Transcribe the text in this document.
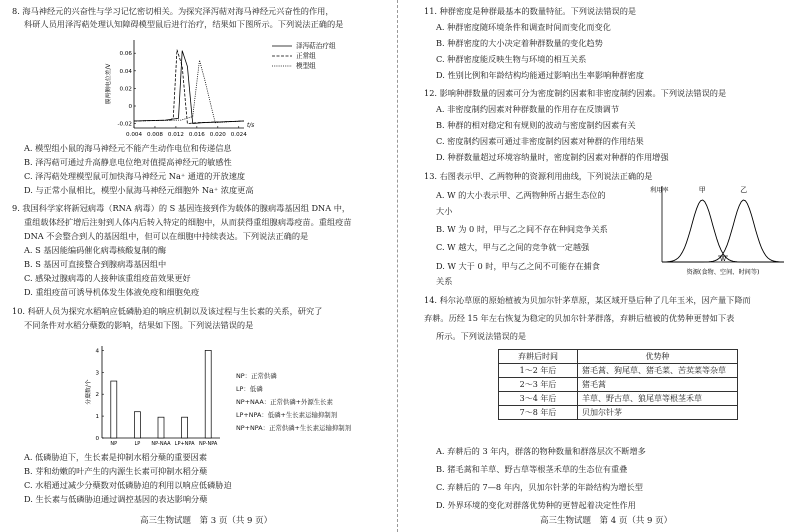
8. 海马神经元的兴奋性与学习记忆密切相关。为探究泽泻萜对海马神经元兴奋性的作用，
科研人员用泽泻萜处理认知障碍模型鼠后进行治疗，结果如下图所示。下列说法正确的是
0.004 0.008 0.012 0.016 0.020 0.024
0.06
0.04
0.02
0
-0.02	t/s
膜两侧电位差/V
泽泻萜治疗组
正常组
模型组
A. 模型组小鼠的海马神经元不能产生动作电位和传递信息
B. 泽泻萜可通过升高静息电位绝对值提高神经元的敏感性
C. 泽泻萜处理模型鼠可加快海马神经元 Na⁺ 通道的开放速度
D. 与正常小鼠相比，模型小鼠海马神经元细胞外 Na⁺ 浓度更高
9. 我国科学家将新冠病毒（RNA 病毒）的 S 基因连接到作为载体的腺病毒基因组 DNA 中，
重组载体经扩增后注射到人体内后转入特定的细胞中，从而获得重组腺病毒疫苗。重组疫苗
DNA 不会整合到人的基因组中，但可以在细胞中持续表达。下列说法正确的是
A. S 基因能编码催化病毒核酸复制的酶
B. S 基因可直接整合到腺病毒基因组中
C. 感染过腺病毒的人接种该重组疫苗效果更好
D. 重组疫苗可诱导机体发生体液免疫和细胞免疫
10. 科研人员为探究水稻响应低磷胁迫的响应机制以及该过程与生长素的关系，研究了
不同条件对水稻分蘖数的影响，结果如下图。下列说法错误的是
4
3
2
1
0
分蘖数/个
NP	LP NP-NAA LP+NPA NP-NPA
NP：正常供磷
LP：低磷
NP+NAA：正常供磷+外源生长素
LP+NPA：低磷+生长素运输抑制剂
NP+NPA：正常供磷+生长素运输抑制剂
A. 低磷胁迫下，生长素是抑制水稻分蘖的重要因素
B. 芽和幼嫩的叶产生的内源生长素可抑制水稻分蘖
C. 水稻通过减少分蘖数对低磷胁迫的利用以响应低磷胁迫
D. 生长素与低磷胁迫通过调控基因的表达影响分蘖
高三生物试题　第 3 页（共 9 页）
11. 种群密度是种群最基本的数量特征。下列说法错误的是
A. 种群密度随环境条件和调查时间而变化而变化
B. 种群密度的大小决定着种群数量的变化趋势
C. 种群密度能反映生物与环境的相互关系
D. 性别比例和年龄结构均能通过影响出生率影响种群密度
12. 影响种群数量的因素可分为密度制约因素和非密度制约因素。下列说法错误的是
A. 非密度制约因素对种群数量的作用存在反馈调节
B. 种群的相对稳定和有规则的波动与密度制约因素有关
C. 密度制约因素可通过非密度制约因素对种群的作用结果
D. 种群数量超过环境容纳量时，密度制约因素对种群的作用增强
13. 右图表示甲、乙两物种的资源利用曲线，下列说法正确的是
A. W 的大小表示甲、乙两物种所占据生态位的
大小
B. W 为 0 时，甲与乙之间不存在种间竞争关系
C. W 越大，甲与乙之间的竞争就一定越强
D. W 大于 0 时，甲与乙之间不可能存在捕食
关系
利用率
资源(食物、空间、时间等)
甲	乙
W
14. 科尔沁草原的原始植被为贝加尔针茅草原，某区域开垦后种了几年玉米，因产量下降而
弃耕。历经 15 年左右恢复为稳定的贝加尔针茅群落，弃耕后植被的优势种更替如下表
所示。下列说法错误的是
弃耕后时间	优势种
1～2 年后	猪毛蒿、狗尾草、猪毛菜、苦荬菜等杂草
2～3 年后	猪毛蒿
3～4 年后	羊草、野古草、狼尾草等根茎禾草
7～8 年后	贝加尔针茅
A. 弃耕后的 3 年内，群落的物种数量和群落层次不断增多
B. 猪毛蒿和羊草、野古草等根茎禾草的生态位有重叠
C. 弃耕后的 7—8 年内，贝加尔针茅的年龄结构为增长型
D. 外界环境的变化对群落优势种的更替起着决定性作用
高三生物试题　第 4 页（共 9 页）
